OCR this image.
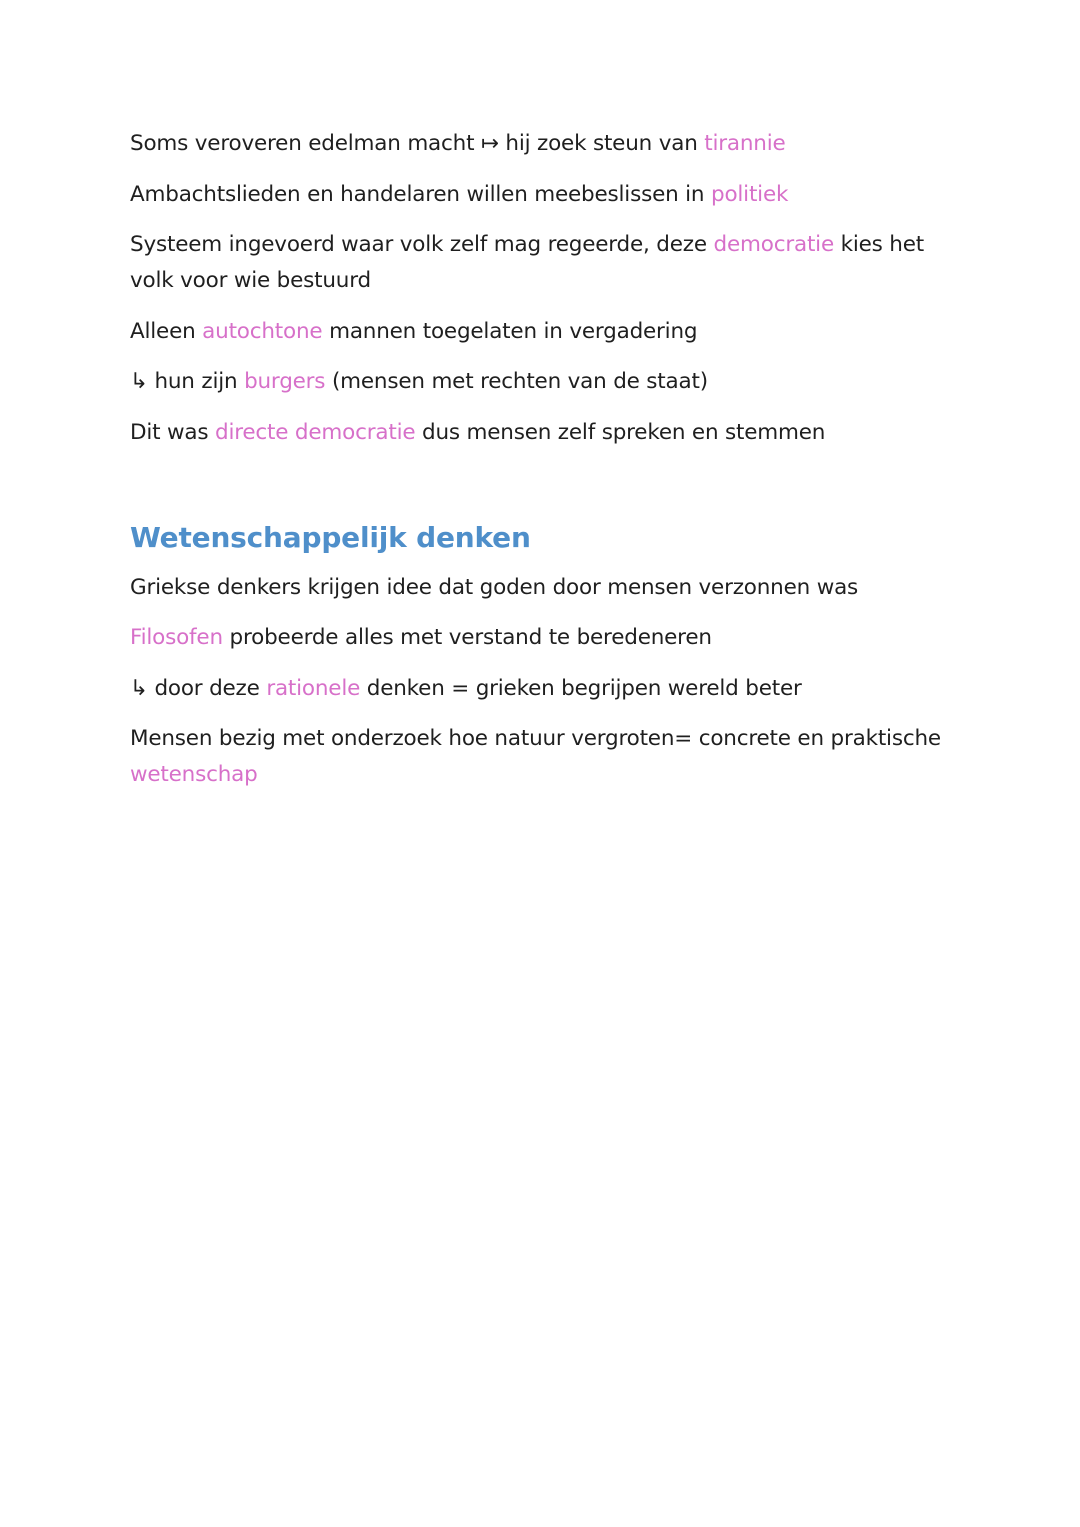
Soms veroveren edelman macht ↦ hij zoek steun van tirannie

Ambachtslieden en handelaren willen meebeslissen in politiek

Systeem ingevoerd waar volk zelf mag regeerde, deze democratie kies het volk voor wie bestuurd

Alleen autochtone mannen toegelaten in vergadering

↳ hun zijn burgers (mensen met rechten van de staat)

Dit was directe democratie dus mensen zelf spreken en stemmen

Wetenschappelijk denken

Griekse denkers krijgen idee dat goden door mensen verzonnen was

Filosofen probeerde alles met verstand te beredeneren

↳ door deze rationele denken = grieken begrijpen wereld beter

Mensen bezig met onderzoek hoe natuur vergroten= concrete en praktische wetenschap
